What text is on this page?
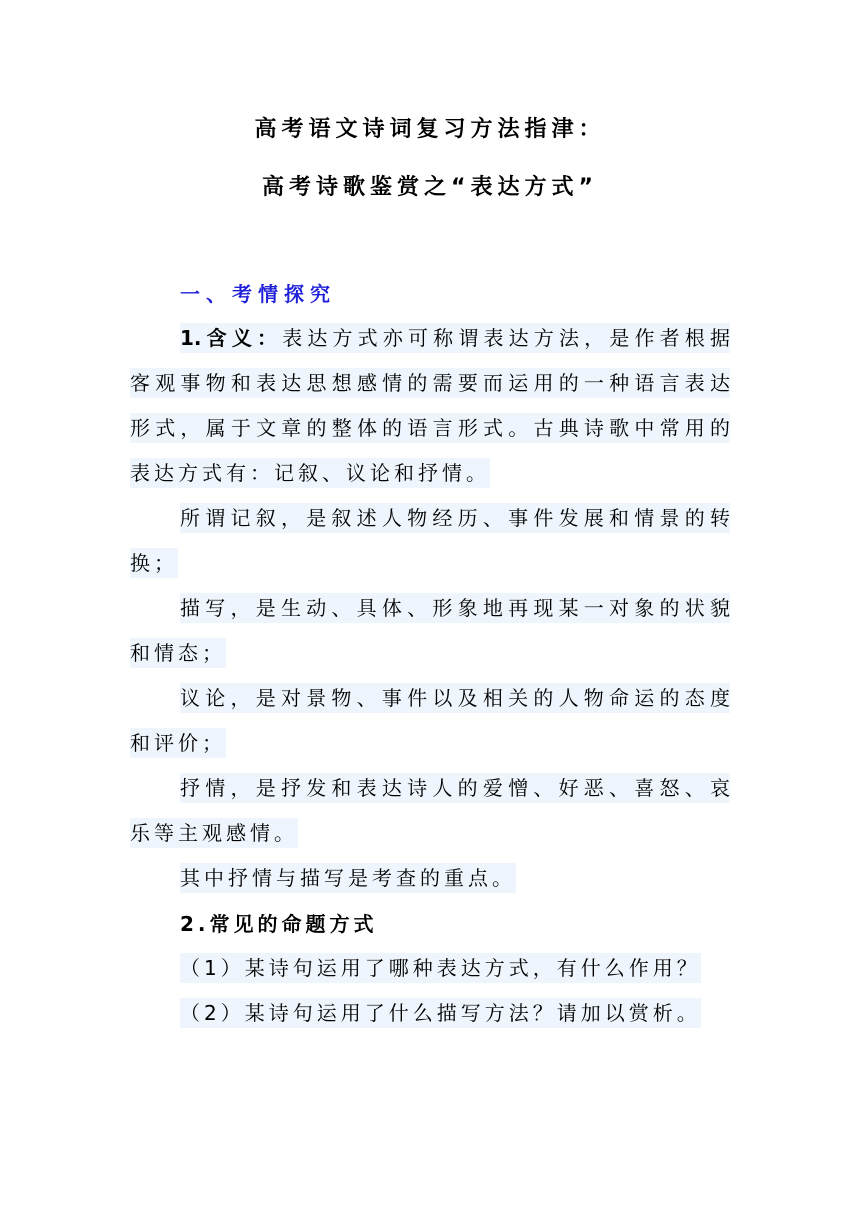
高考语文诗词复习方法指津：
高考诗歌鉴赏之“表达方式”
一、考情探究
1.含义：表达方式亦可称谓表达方法，是作者根据
客观事物和表达思想感情的需要而运用的一种语言表达
形式，属于文章的整体的语言形式。古典诗歌中常用的
表达方式有：记叙、议论和抒情。
所谓记叙，是叙述人物经历、事件发展和情景的转
换；
描写，是生动、具体、形象地再现某一对象的状貌
和情态；
议论，是对景物、事件以及相关的人物命运的态度
和评价；
抒情，是抒发和表达诗人的爱憎、好恶、喜怒、哀
乐等主观感情。
其中抒情与描写是考查的重点。
2.常见的命题方式
（1）某诗句运用了哪种表达方式，有什么作用？
（2）某诗句运用了什么描写方法？请加以赏析。
